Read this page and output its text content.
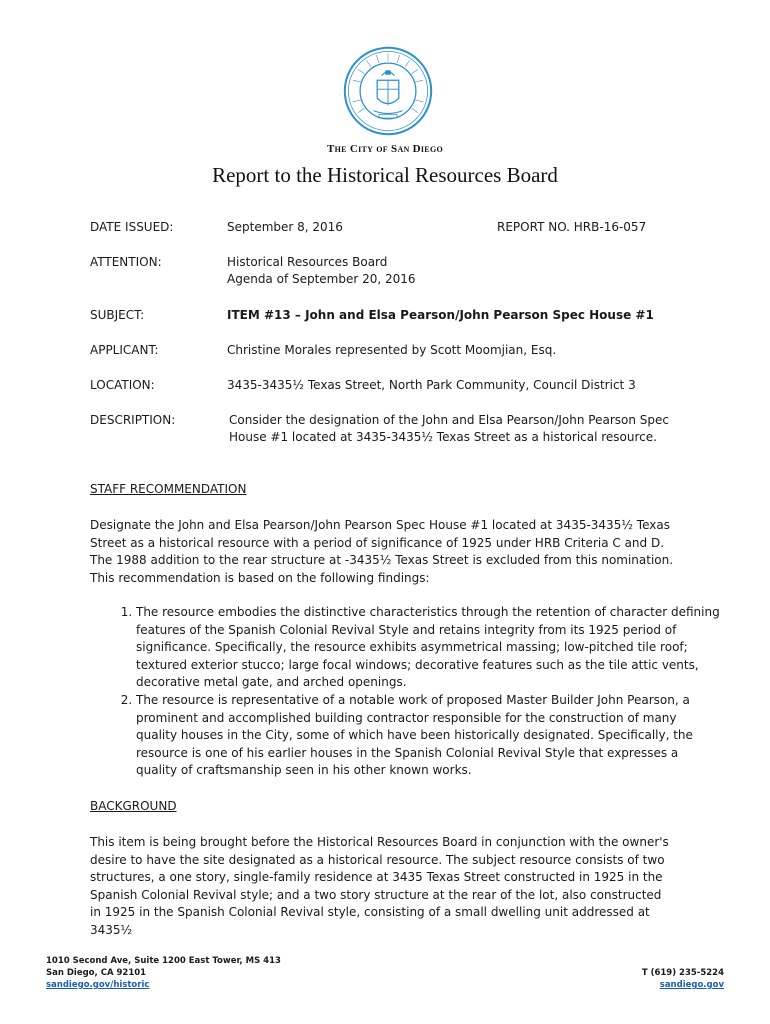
The City of San Diego
Report to the Historical Resources Board
DATE ISSUED:	September 8, 2016	REPORT NO. HRB-16-057
ATTENTION:	Historical Resources Board
Agenda of September 20, 2016
SUBJECT:	ITEM #13 – John and Elsa Pearson/John Pearson Spec House #1
APPLICANT:	Christine Morales represented by Scott Moomjian, Esq.
LOCATION:	3435-3435½ Texas Street, North Park Community, Council District 3
DESCRIPTION:	Consider the designation of the John and Elsa Pearson/John Pearson Spec House #1 located at 3435-3435½ Texas Street as a historical resource.
STAFF RECOMMENDATION

Designate the John and Elsa Pearson/John Pearson Spec House #1 located at 3435-3435½ Texas Street as a historical resource with a period of significance of 1925 under HRB Criteria C and D. The 1988 addition to the rear structure at -3435½ Texas Street is excluded from this nomination. This recommendation is based on the following findings:

1. The resource embodies the distinctive characteristics through the retention of character defining features of the Spanish Colonial Revival Style and retains integrity from its 1925 period of significance. Specifically, the resource exhibits asymmetrical massing; low-pitched tile roof; textured exterior stucco; large focal windows; decorative features such as the tile attic vents, decorative metal gate, and arched openings.
2. The resource is representative of a notable work of proposed Master Builder John Pearson, a prominent and accomplished building contractor responsible for the construction of many quality houses in the City, some of which have been historically designated. Specifically, the resource is one of his earlier houses in the Spanish Colonial Revival Style that expresses a quality of craftsmanship seen in his other known works.
BACKGROUND

This item is being brought before the Historical Resources Board in conjunction with the owner's desire to have the site designated as a historical resource. The subject resource consists of two structures, a one story, single-family residence at 3435 Texas Street constructed in 1925 in the Spanish Colonial Revival style; and a two story structure at the rear of the lot, also constructed in 1925 in the Spanish Colonial Revival style, consisting of a small dwelling unit addressed at 3435½

1010 Second Ave, Suite 1200 East Tower, MS 413
San Diego, CA 92101
sandiego.gov/historic
T (619) 235-5224
sandiego.gov
